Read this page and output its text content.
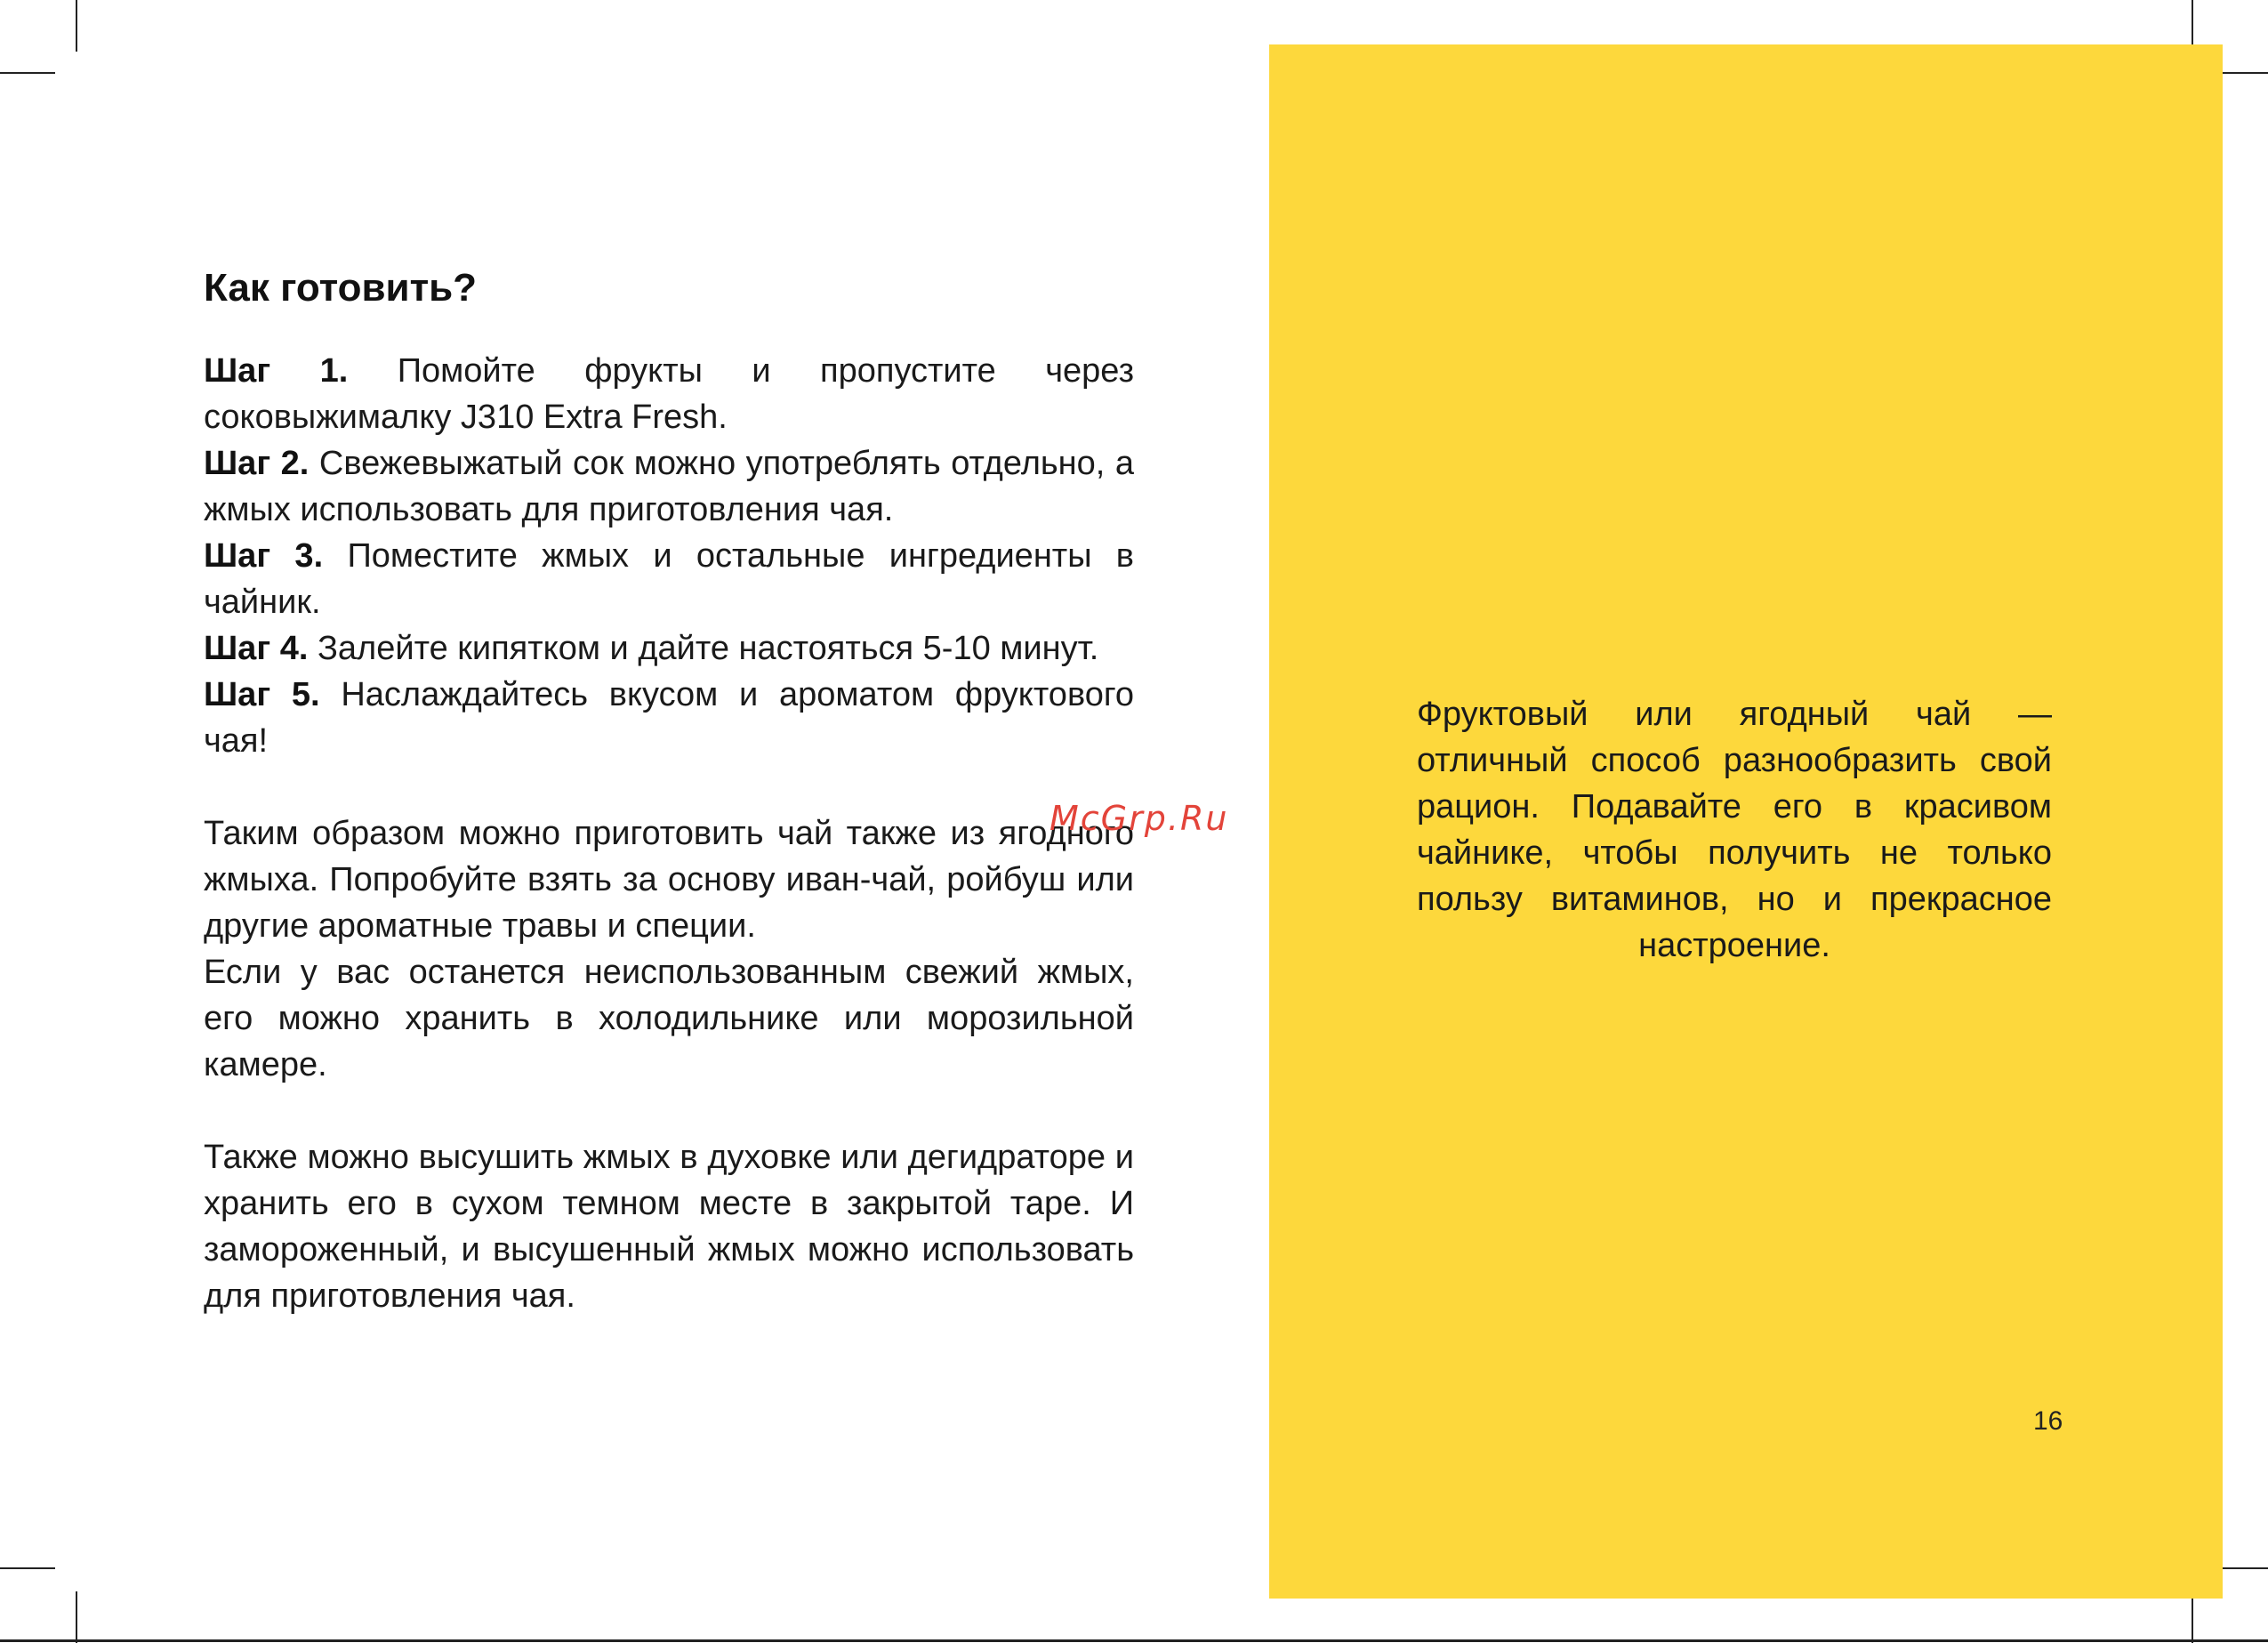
Как готовить?

Шаг 1. Помойте фрукты и пропустите через соковыжималку J310 Extra Fresh.

Шаг 2. Свежевыжатый сок можно употреблять отдельно, а жмых использовать для приготовления чая.

Шаг 3. Поместите жмых и остальные ингредиенты в чайник.

Шаг 4. Залейте кипятком и дайте настояться 5-10 минут.

Шаг 5. Наслаждайтесь вкусом и ароматом фруктового чая!

Таким образом можно приготовить чай также из ягодного жмыха. Попробуйте взять за основу иван-чай, ройбуш или другие ароматные травы и специи.

Если у вас останется неиспользованным свежий жмых, его можно хранить в холодильнике или морозильной камере.

Также можно высушить жмых в духовке или дегидраторе и хранить его в сухом темном месте в закрытой таре. И замороженный, и высушенный жмых можно использовать для приготовления чая.

McGrp.Ru

Фруктовый или ягодный чай — отличный способ разнообразить свой рацион. Подавайте его в красивом чайнике, чтобы получить не только пользу витаминов, но и прекрасное настроение.

16
